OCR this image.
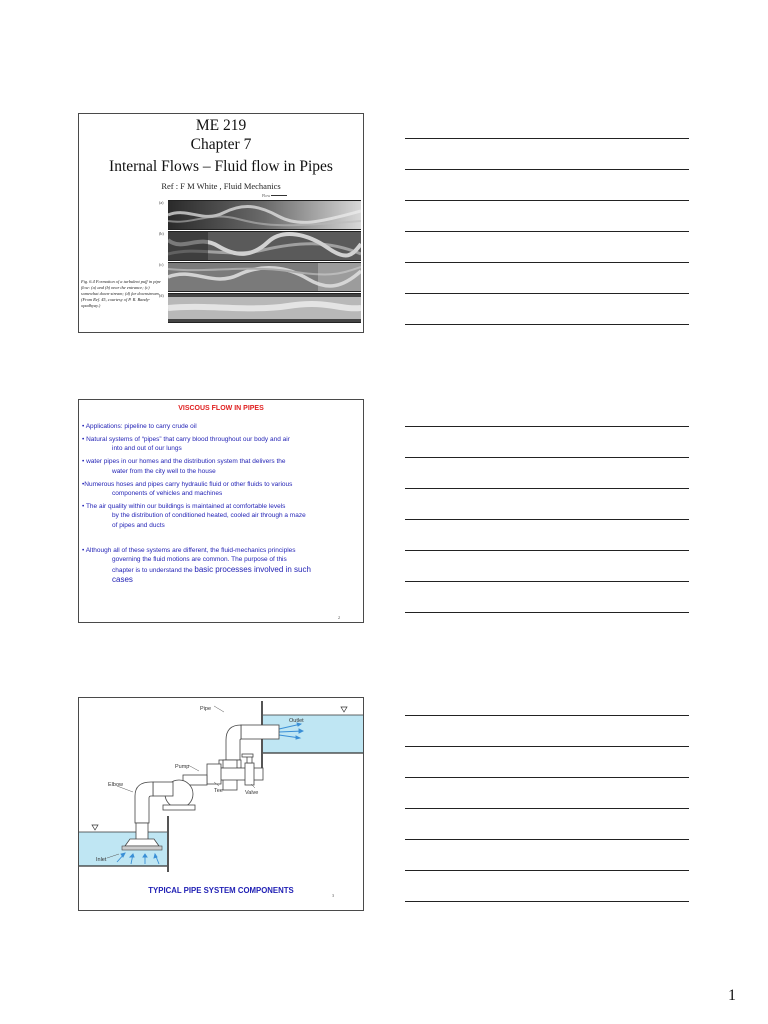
ME 219
Chapter 7
Internal Flows – Fluid flow in Pipes
Ref : F M White , Fluid Mechanics
Flow
(a)
(b)
(c)
(d)
Fig. 6.4 Formation of a turbulent puff in pipe flow: (a) and (b) near the entrance; (c) somewhat down-stream; (d) far downstream. (From Ref. 45, courtesy of P. R. Bandy-opadhyay.)
VISCOUS FLOW IN PIPES

• Applications: pipeline to carry crude oil

• Natural systems of “pipes” that carry blood throughout our body and air
into and out of our lungs

• water pipes in our homes and the distribution system that delivers the
water from the city well to the house

•Numerous hoses and pipes carry hydraulic fluid or other fluids to various
components of vehicles and machines

• The air quality within our buildings is maintained at comfortable levels
by the distribution of conditioned heated, cooled air through a maze
of pipes and ducts

• Although all of these systems are different, the fluid-mechanics principles
governing the fluid motions are common. The purpose of this
chapter is to understand the basic processes involved in such
cases

2
Outlet
Pipe
Pump
Elbow
Tee	Valve
Inlet
TYPICAL PIPE SYSTEM COMPONENTS
3
1
